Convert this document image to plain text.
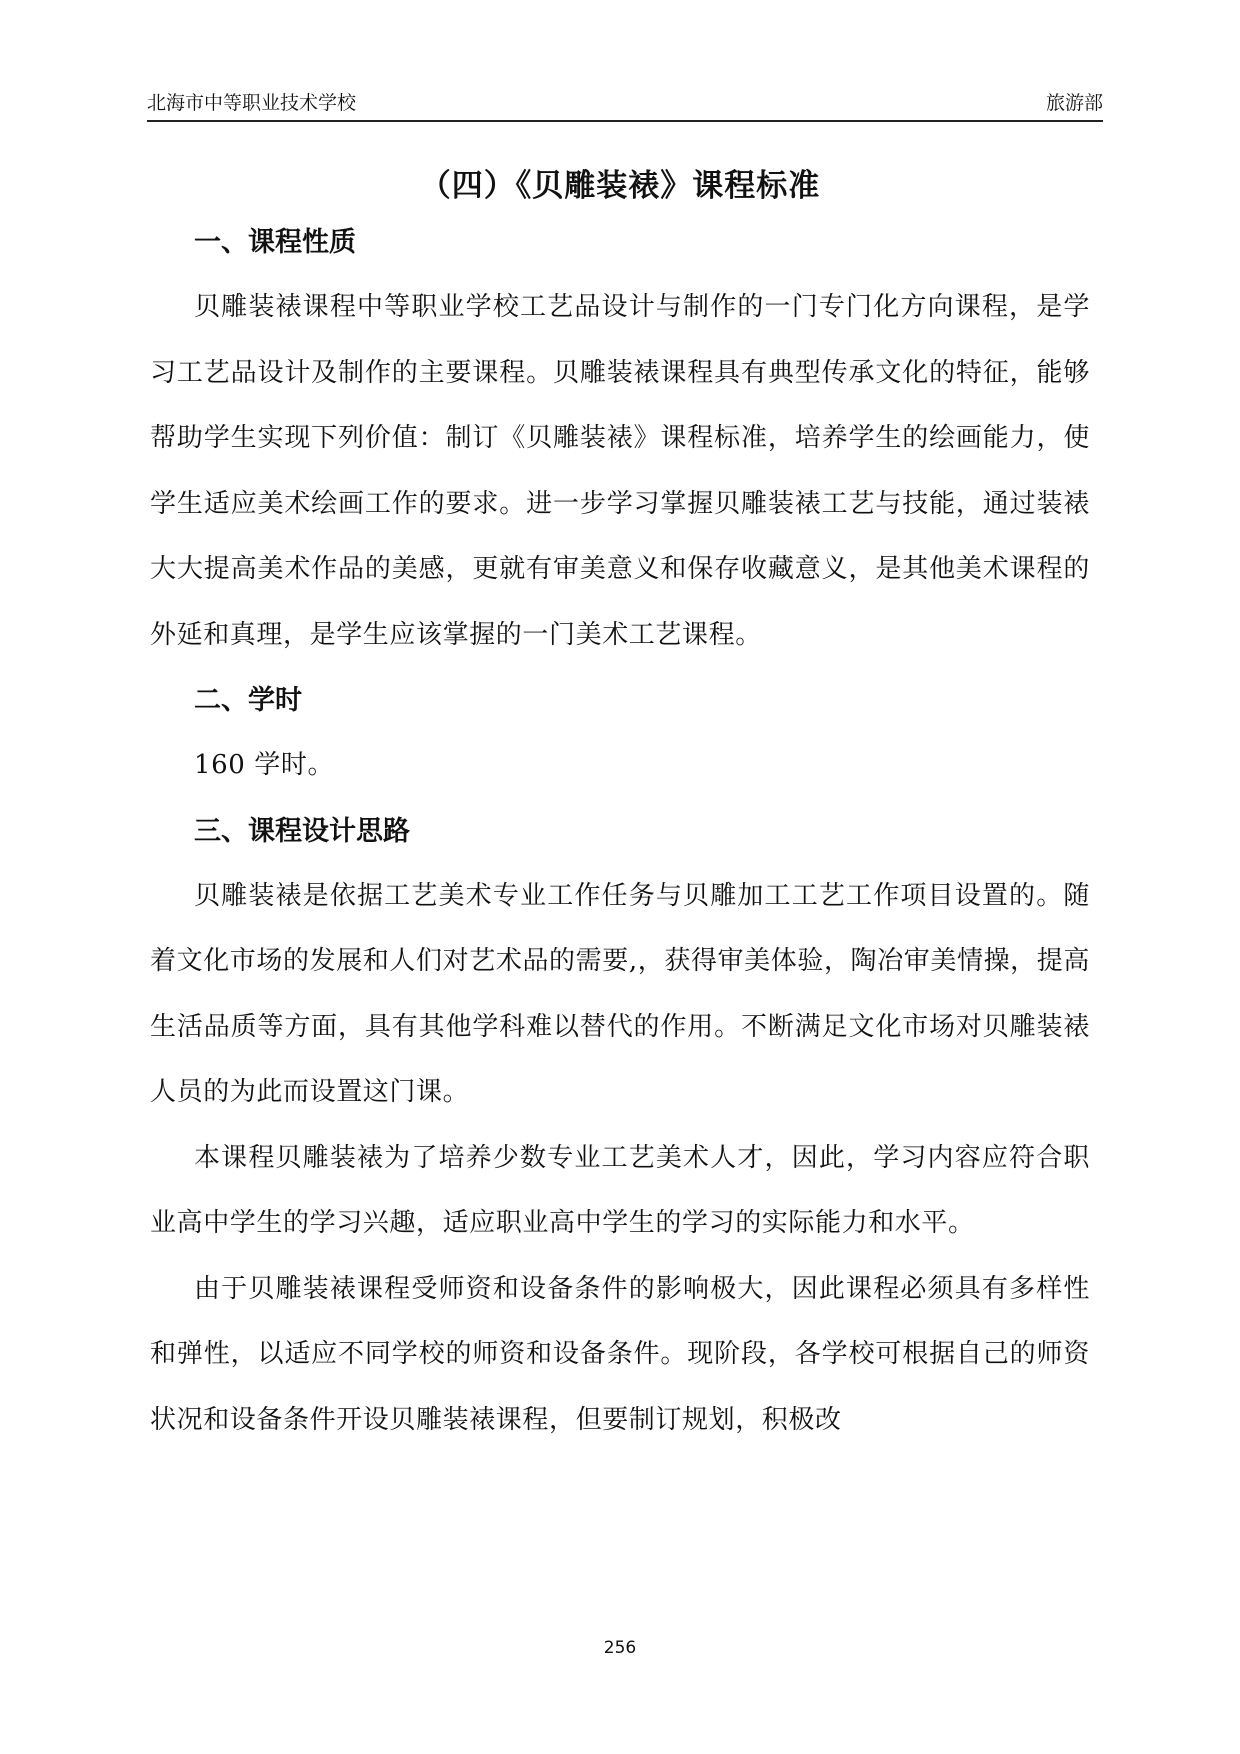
北海市中等职业技术学校	旅游部
（四）《贝雕装裱》课程标准
一、课程性质

贝雕装裱课程中等职业学校工艺品设计与制作的一门专门化方向课程，是学习工艺品设计及制作的主要课程。贝雕装裱课程具有典型传承文化的特征，能够帮助学生实现下列价值：制订《贝雕装裱》课程标准，培养学生的绘画能力，使学生适应美术绘画工作的要求。进一步学习掌握贝雕装裱工艺与技能，通过装裱大大提高美术作品的美感，更就有审美意义和保存收藏意义，是其他美术课程的外延和真理，是学生应该掌握的一门美术工艺课程。

二、学时

160 学时。

三、课程设计思路

贝雕装裱是依据工艺美术专业工作任务与贝雕加工工艺工作项目设置的。随着文化市场的发展和人们对艺术品的需要,，获得审美体验，陶冶审美情操，提高生活品质等方面，具有其他学科难以替代的作用。不断满足文化市场对贝雕装裱人员的为此而设置这门课。

本课程贝雕装裱为了培养少数专业工艺美术人才，因此，学习内容应符合职业高中学生的学习兴趣，适应职业高中学生的学习的实际能力和水平。

由于贝雕装裱课程受师资和设备条件的影响极大，因此课程必须具有多样性和弹性，以适应不同学校的师资和设备条件。现阶段，各学校可根据自己的师资状况和设备条件开设贝雕装裱课程，但要制订规划，积极改

256
